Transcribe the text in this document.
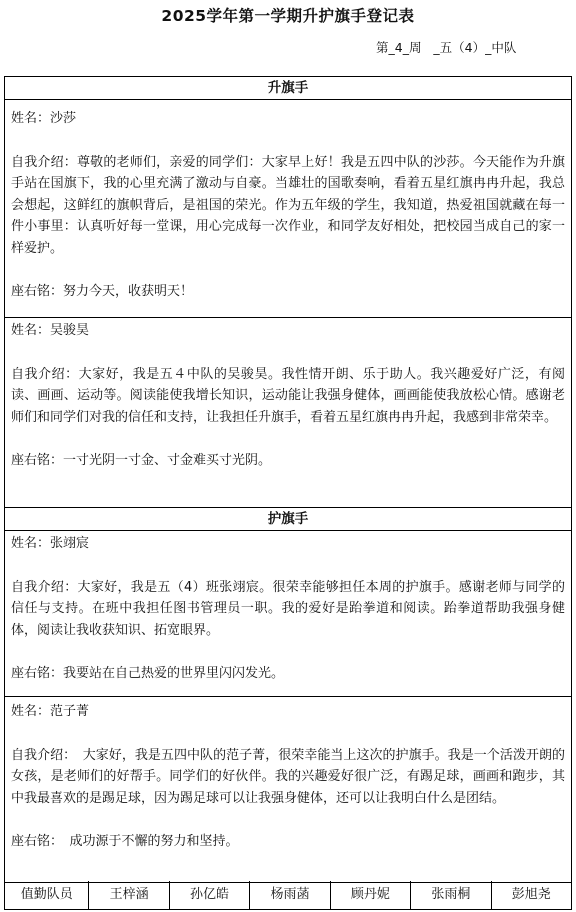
2025学年第一学期升护旗手登记表
第_4_周   _五（4）_中队
升旗手
姓名：沙莎
自我介绍：尊敬的老师们，亲爱的同学们：大家早上好！我是五四中队的沙莎。今天能作为升旗手站在国旗下，我的心里充满了激动与自豪。当雄壮的国歌奏响，看着五星红旗冉冉升起，我总会想起，这鲜红的旗帜背后，是祖国的荣光。作为五年级的学生，我知道，热爱祖国就藏在每一件小事里：认真听好每一堂课，用心完成每一次作业，和同学友好相处，把校园当成自己的家一样爱护。
座右铭：努力今天，收获明天！
姓名：吴骏昊
自我介绍：大家好，我是五４中队的吴骏昊。我性情开朗、乐于助人。我兴趣爱好广泛，有阅读、画画、运动等。阅读能使我增长知识，运动能让我强身健体，画画能使我放松心情。感谢老师们和同学们对我的信任和支持，让我担任升旗手，看着五星红旗冉冉升起，我感到非常荣幸。
座右铭：一寸光阴一寸金、寸金难买寸光阴。
护旗手
姓名：张翊宸
自我介绍：大家好，我是五（4）班张翊宸。很荣幸能够担任本周的护旗手。感谢老师与同学的信任与支持。在班中我担任图书管理员一职。我的爱好是跆拳道和阅读。跆拳道帮助我强身健体，阅读让我收获知识、拓宽眼界。
座右铭：我要站在自己热爱的世界里闪闪发光。
姓名：范子菁
自我介绍：　大家好，我是五四中队的范子菁，很荣幸能当上这次的护旗手。我是一个活泼开朗的女孩，是老师们的好帮手。同学们的好伙伴。我的兴趣爱好很广泛，有踢足球，画画和跑步，其中我最喜欢的是踢足球，因为踢足球可以让我强身健体，还可以让我明白什么是团结。
座右铭：　成功源于不懈的努力和坚持。
值勤队员	王梓涵	孙亿皓	杨雨菡	顾丹妮	张雨桐	彭旭尧
